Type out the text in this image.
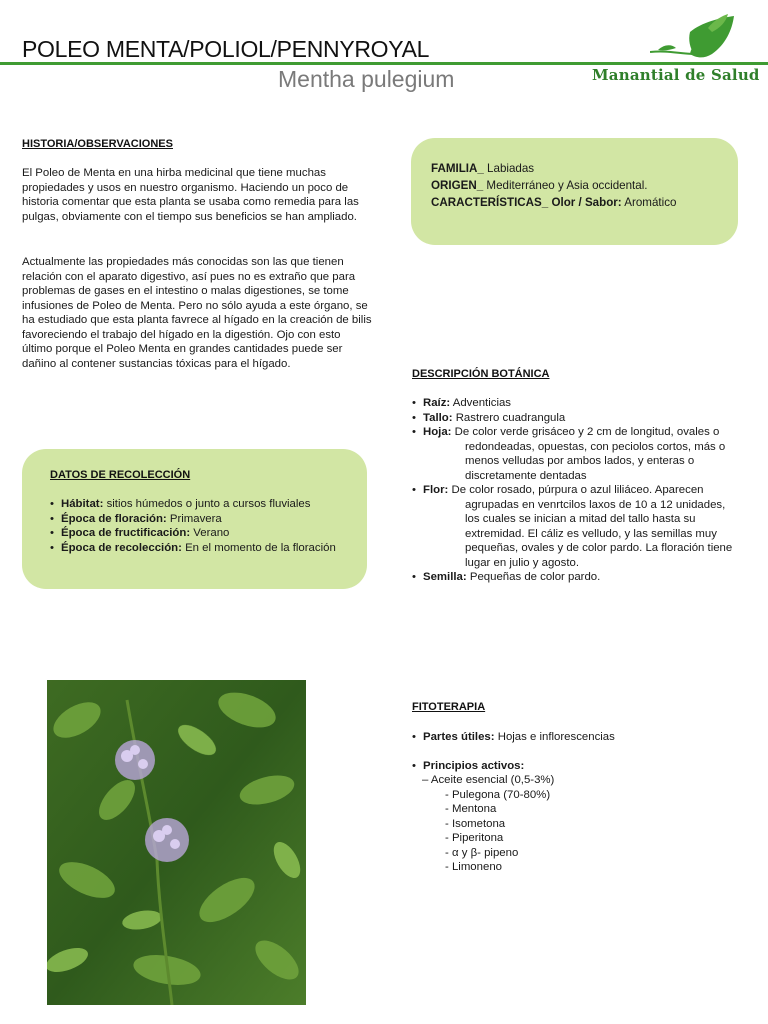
POLEO MENTA/POLIOL/PENNYROYAL
Mentha pulegium	Manantial de Salud
HISTORIA/OBSERVACIONES
El Poleo de Menta en una hirba medicinal que tiene muchas propiedades y usos en nuestro organismo. Haciendo un poco de historia comentar que esta planta se usaba como remedia para las pulgas, obviamente con el tiempo sus beneficios se han ampliado.
Actualmente las propiedades más conocidas son las que tienen relación con el aparato digestivo, así pues no es extraño que para problemas de gases en el intestino o malas digestiones, se tome infusiones de Poleo de Menta. Pero no sólo ayuda a este órgano, se ha estudiado que esta planta favrece al hígado en la creación de bilis favoreciendo el trabajo del hígado en la digestión. Ojo con esto último porque el Poleo Menta en grandes cantidades puede ser dañino al contener sustancias tóxicas para el hígado.
FAMILIA_ Labiadas
ORIGEN_ Mediterráneo y Asia occidental.
CARACTERÍSTICAS_ Olor / Sabor: Aromático
DATOS DE RECOLECCIÓN
• Hábitat: sitios húmedos o junto a cursos fluviales
• Época de floración: Primavera
• Época de fructificación: Verano
• Época de recolección: En el momento de la floración
DESCRIPCIÓN BOTÁNICA
• Raíz: Adventicias
• Tallo: Rastrero cuadrangula
• Hoja: De color verde grisáceo y 2 cm de longitud, ovales o
redondeadas, opuestas, con peciolos cortos, más o
menos velludas por ambos lados, y enteras o
discretamente dentadas
• Flor: De color rosado, púrpura o azul liliáceo. Aparecen
agrupadas en venrtcilos laxos de 10 a 12 unidades,
los cuales se inician a mitad del tallo hasta su
extremidad. El cáliz es velludo, y las semillas muy
pequeñas, ovales y de color pardo. La floración tiene
lugar en julio y agosto.
• Semilla: Pequeñas de color pardo.
FITOTERAPIA
• Partes útiles: Hojas e inflorescencias
• Principios activos:
– Aceite esencial (0,5-3%)
- Pulegona (70-80%)
- Mentona
- Isometona
- Piperitona
- α y β- pipeno
- Limoneno
